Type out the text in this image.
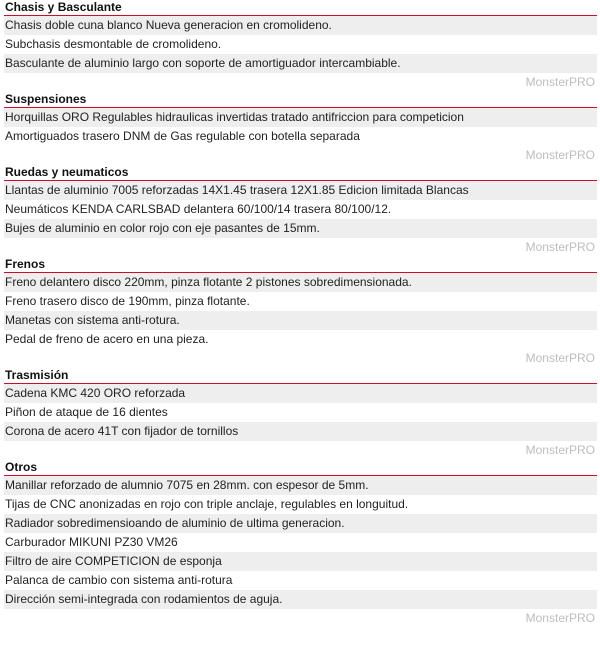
Chasis y Basculante
Chasis doble cuna blanco Nueva generacion en cromolideno.
Subchasis desmontable de cromolideno.
Basculante de aluminio largo con soporte de amortiguador intercambiable.
MonsterPRO
Suspensiones
Horquillas ORO Regulables hidraulicas invertidas tratado antifriccion para competicion
Amortiguados trasero DNM de Gas regulable con botella separada
MonsterPRO
Ruedas y neumaticos
Llantas de aluminio 7005 reforzadas 14X1.45 trasera 12X1.85 Edicion limitada Blancas
Neumáticos KENDA CARLSBAD delantera 60/100/14 trasera 80/100/12.
Bujes de aluminio en color rojo con eje pasantes de 15mm.
MonsterPRO
Frenos
Freno delantero disco 220mm, pinza flotante 2 pistones sobredimensionada.
Freno trasero disco de 190mm, pinza flotante.
Manetas con sistema anti-rotura.
Pedal de freno de acero en una pieza.
MonsterPRO
Trasmisión
Cadena KMC 420 ORO reforzada
Piñon de ataque de 16 dientes
Corona de acero 41T con fijador de tornillos
MonsterPRO
Otros
Manillar reforzado de alumnio 7075 en 28mm. con espesor de 5mm.
Tijas de CNC anonizadas en rojo con triple anclaje, regulables en longuitud.
Radiador sobredimensioando de aluminio de ultima generacion.
Carburador MIKUNI PZ30 VM26
Filtro de aire COMPETICION de esponja
Palanca de cambio con sistema anti-rotura
Dirección semi-integrada con rodamientos de aguja.
MonsterPRO
